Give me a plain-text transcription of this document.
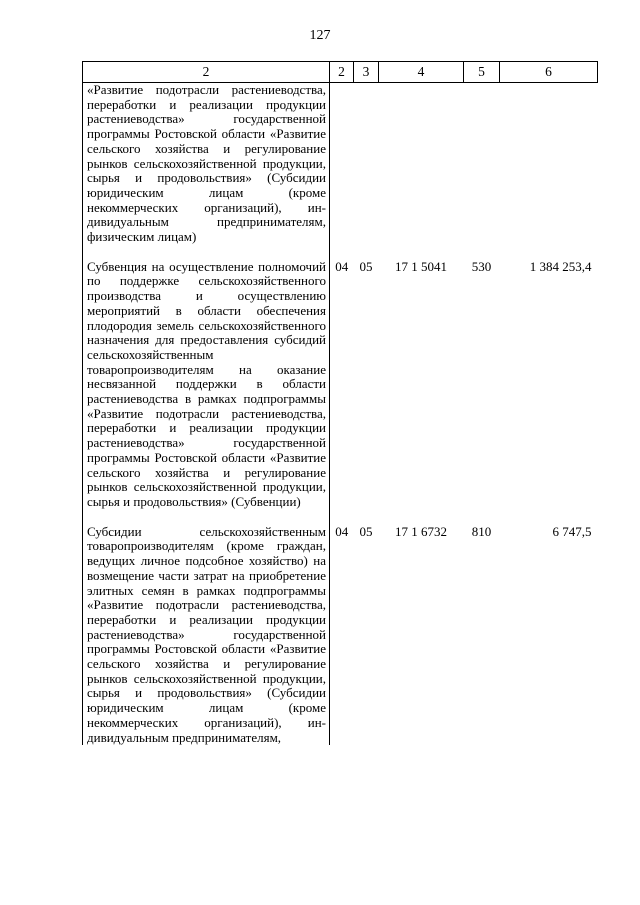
127
2	2	3	4	5	6
«Развитие подотрасли растениеводства, переработки и реализации продукции растениеводства» государственной программы Ростовской области «Развитие сельского хозяйства и регулирование рынков сельскохозяйственной продукции, сырья и продовольствия» (Субсидии юридическим лицам (кроме некоммерческих организаций), индивидуальным предпринимателям, физическим лицам)					
Субвенция на осуществление полномочий по поддержке сельскохозяйственного производства и осуществлению мероприятий в области обеспечения плодородия земель сельскохозяйственного назначения для предоставления субсидий сельскохозяйственным товаропроизводителям на оказание несвязанной поддержки в области растениеводства в рамках подпрограммы «Развитие подотрасли растениеводства, переработки и реализации продукции растениеводства» государственной программы Ростовской области «Развитие сельского хозяйства и регулирование рынков сельскохозяйственной продукции, сырья и продовольствия» (Субвенции)	04	05	17 1 5041	530	1 384 253,4
Субсидии сельскохозяйственным товаропроизводителям (кроме граждан, ведущих личное подсобное хозяйство) на возмещение части затрат на приобретение элитных семян в рамках подпрограммы «Развитие подотрасли растениеводства, переработки и реализации продукции растениеводства» государственной программы Ростовской области «Развитие сельского хозяйства и регулирование рынков сельскохозяйственной продукции, сырья и продовольствия» (Субсидии юридическим лицам (кроме некоммерческих организаций), индивидуальным предпринимателям,	04	05	17 1 6732	810	6 747,5
